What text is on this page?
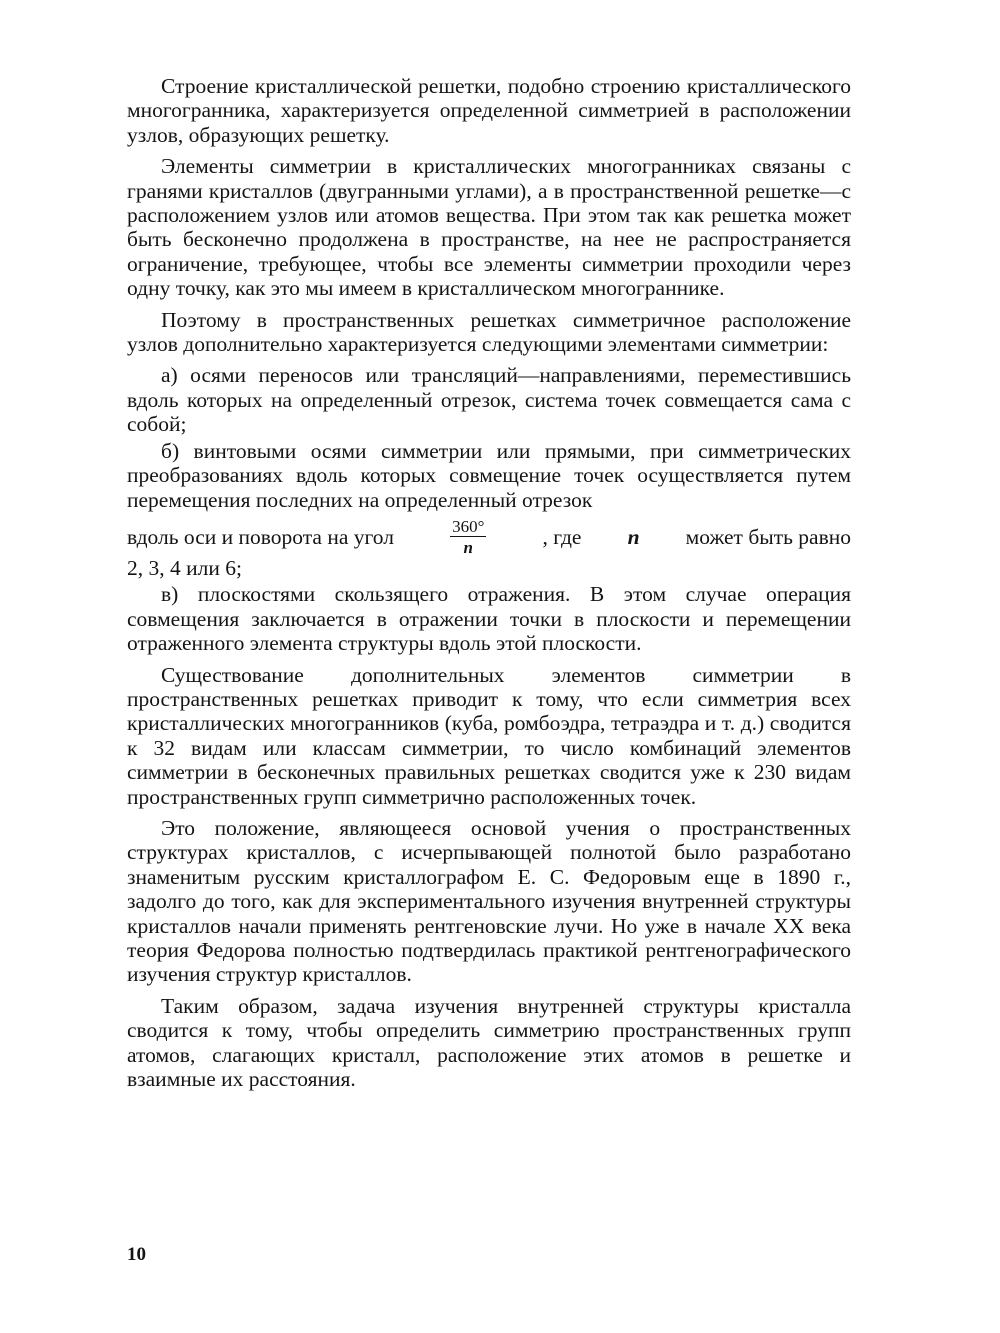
Строение кристаллической решетки, подобно строению кристаллического многогранника, характеризуется определенной симметрией в расположении узлов, образующих решетку.

Элементы симметрии в кристаллических многогранниках связаны с гранями кристаллов (двугранными углами), а в пространственной решетке—с расположением узлов или атомов вещества. При этом так как решетка может быть бесконечно продолжена в пространстве, на нее не распространяется ограничение, требующее, чтобы все элементы симметрии проходили через одну точку, как это мы имеем в кристаллическом многограннике.

Поэтому в пространственных решетках симметричное расположение узлов дополнительно характеризуется следующими элементами симметрии:

а) осями переносов или трансляций—направлениями, переместившись вдоль которых на определенный отрезок, система точек совмещается сама с собой;

б) винтовыми осями симметрии или прямыми, при симметрических преобразованиях вдоль которых совмещение точек осуществляется путем перемещения последних на определенный отрезок

вдоль оси и поворота на угол	$\frac{360^\circ}{n}$	, где n может быть равно

2, 3, 4 или 6;

в) плоскостями скользящего отражения. В этом случае операция совмещения заключается в отражении точки в плоскости и перемещении отраженного элемента структуры вдоль этой плоскости.

Существование дополнительных элементов симметрии в пространственных решетках приводит к тому, что если симметрия всех кристаллических многогранников (куба, ромбоэдра, тетраэдра и т. д.) сводится к 32 видам или классам симметрии, то число комбинаций элементов симметрии в бесконечных правильных решетках сводится уже к 230 видам пространственных групп симметрично расположенных точек.

Это положение, являющееся основой учения о пространственных структурах кристаллов, с исчерпывающей полнотой было разработано знаменитым русским кристаллографом Е. С. Федоровым еще в 1890 г., задолго до того, как для экспериментального изучения внутренней структуры кристаллов начали применять рентгеновские лучи. Но уже в начале XX века теория Федорова полностью подтвердилась практикой рентгенографического изучения структур кристаллов.

Таким образом, задача изучения внутренней структуры кристалла сводится к тому, чтобы определить симметрию пространственных групп атомов, слагающих кристалл, расположение этих атомов в решетке и взаимные их расстояния.

10
